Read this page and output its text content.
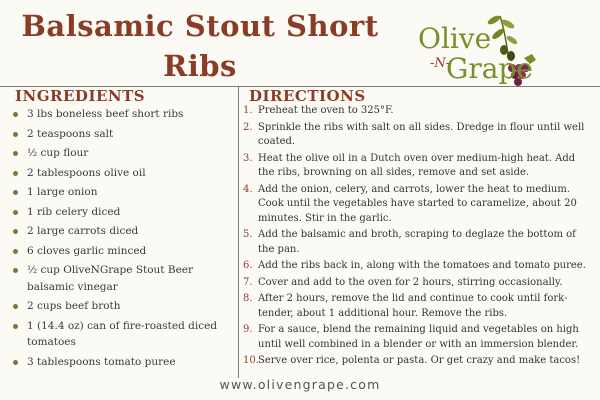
Balsamic Stout Short Ribs
Olive
-N-
Grape
INGREDIENTS
3 lbs boneless beef short ribs
2 teaspoons salt
½ cup flour
2 tablespoons olive oil
1 large onion
1 rib celery diced
2 large carrots diced
6 cloves garlic minced
½ cup OliveNGrape Stout Beer balsamic vinegar
2 cups beef broth
1 (14.4 oz) can of fire-roasted diced tomatoes
3 tablespoons tomato puree
DIRECTIONS
1. Preheat the oven to 325°F.
2. Sprinkle the ribs with salt on all sides. Dredge in flour until well coated.
3. Heat the olive oil in a Dutch oven over medium-high heat. Add the ribs, browning on all sides, remove and set aside.
4. Add the onion, celery, and carrots, lower the heat to medium. Cook until the vegetables have started to caramelize, about 20 minutes. Stir in the garlic.
5. Add the balsamic and broth, scraping to deglaze the bottom of the pan.
6. Add the ribs back in, along with the tomatoes and tomato puree.
7. Cover and add to the oven for 2 hours, stirring occasionally.
8. After 2 hours, remove the lid and continue to cook until fork-tender, about 1 additional hour. Remove the ribs.
9. For a sauce, blend the remaining liquid and vegetables on high until well combined in a blender or with an immersion blender.
10. Serve over rice, polenta or pasta. Or get crazy and make tacos!
www.olivengrape.com
